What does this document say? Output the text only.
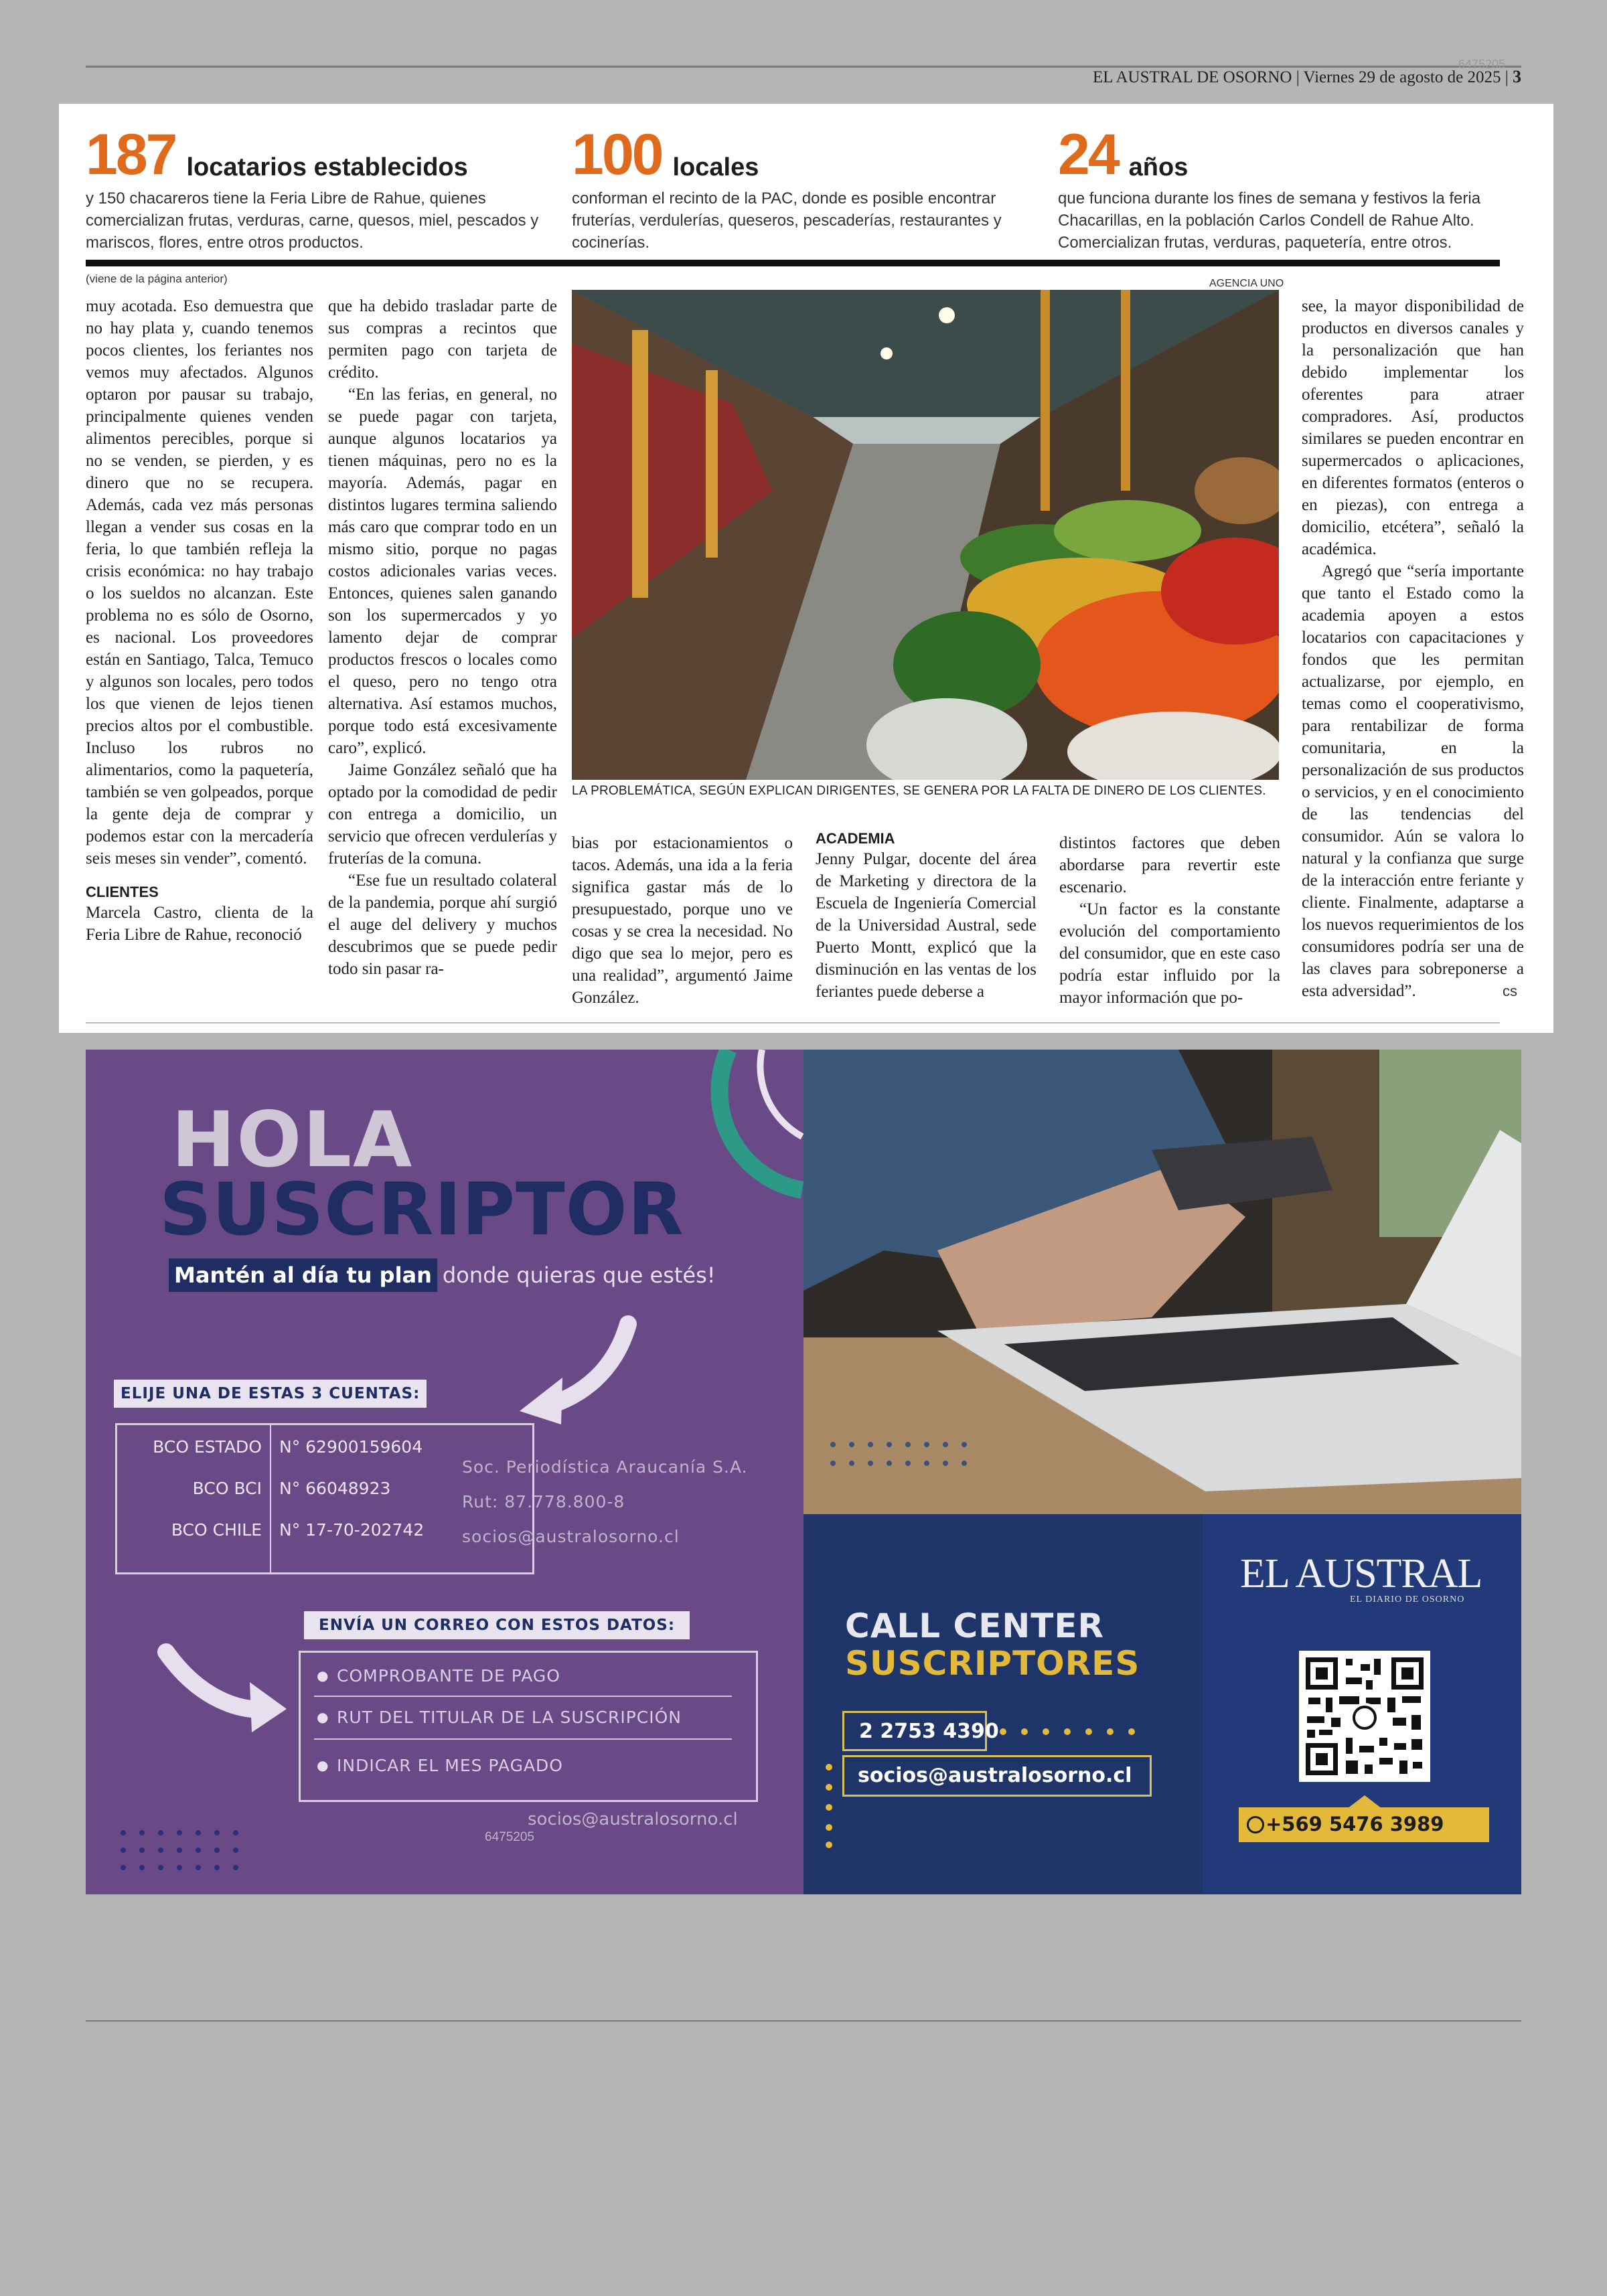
6475205
EL AUSTRAL DE OSORNO | Viernes 29 de agosto de 2025 | 3
187 locatarios establecidos
y 150 chacareros tiene la Feria Libre de Rahue, quienes comercializan frutas, verduras, carne, quesos, miel, pescados y mariscos, flores, entre otros productos.
100 locales
conforman el recinto de la PAC, donde es posible encontrar fruterías, verdulerías, queseros, pescaderías, restaurantes y cocinerías.
24 años
que funciona durante los fines de semana y festivos la feria Chacarillas, en la población Carlos Condell de Rahue Alto. Comercializan frutas, verduras, paquetería, entre otros.
(viene de la página anterior)	AGENCIA UNO

muy acotada. Eso demuestra que no hay plata y, cuando tenemos pocos clientes, los feriantes nos vemos muy afectados. Algunos optaron por pausar su trabajo, principalmente quienes venden alimentos perecibles, porque si no se venden, se pierden, y es dinero que no se recupera. Además, cada vez más personas llegan a vender sus cosas en la feria, lo que también refleja la crisis económica: no hay trabajo o los sueldos no alcanzan. Este problema no es sólo de Osorno, es nacional. Los proveedores están en Santiago, Talca, Temuco y algunos son locales, pero todos los que vienen de lejos tienen precios altos por el combustible. Incluso los rubros no alimentarios, como la paquetería, también se ven golpeados, porque la gente deja de comprar y podemos estar con la mercadería seis meses sin vender”, comentó.

CLIENTES

Marcela Castro, clienta de la Feria Libre de Rahue, reconoció

que ha debido trasladar parte de sus compras a recintos que permiten pago con tarjeta de crédito.

“En las ferias, en general, no se puede pagar con tarjeta, aunque algunos locatarios ya tienen máquinas, pero no es la mayoría. Además, pagar en distintos lugares termina saliendo más caro que comprar todo en un mismo sitio, porque no pagas costos adicionales varias veces. Entonces, quienes salen ganando son los supermercados y yo lamento dejar de comprar productos frescos o locales como el queso, pero no tengo otra alternativa. Así estamos muchos, porque todo está excesivamente caro”, explicó.

Jaime González señaló que ha optado por la comodidad de pedir con entrega a domicilio, un servicio que ofrecen verdulerías y fruterías de la comuna.

“Ese fue un resultado colateral de la pandemia, porque ahí surgió el auge del delivery y muchos descubrimos que se puede pedir todo sin pasar ra-

LA PROBLEMÁTICA, SEGÚN EXPLICAN DIRIGENTES, SE GENERA POR LA FALTA DE DINERO DE LOS CLIENTES.

bias por estacionamientos o tacos. Además, una ida a la feria significa gastar más de lo presupuestado, porque uno ve cosas y se crea la necesidad. No digo que sea lo mejor, pero es una realidad”, argumentó Jaime González.

ACADEMIA

Jenny Pulgar, docente del área de Marketing y directora de la Escuela de Ingeniería Comercial de la Universidad Austral, sede Puerto Montt, explicó que la disminución en las ventas de los feriantes puede deberse a

distintos factores que deben abordarse para revertir este escenario.

“Un factor es la constante evolución del comportamiento del consumidor, que en este caso podría estar influido por la mayor información que po-

see, la mayor disponibilidad de productos en diversos canales y la personalización que han debido implementar los oferentes para atraer compradores. Así, productos similares se pueden encontrar en supermercados o aplicaciones, en diferentes formatos (enteros o en piezas), con entrega a domicilio, etcétera”, señaló la académica.

Agregó que “sería importante que tanto el Estado como la academia apoyen a estos locatarios con capacitaciones y fondos que les permitan actualizarse, por ejemplo, en temas como el cooperativismo, para rentabilizar de forma comunitaria, en la personalización de sus productos o servicios, y en el conocimiento de las tendencias del consumidor. Aún se valora lo natural y la confianza que surge de la interacción entre feriante y cliente. Finalmente, adaptarse a los nuevos requerimientos de los consumidores podría ser una de las claves para sobreponerse a esta adversidad”.	cs
HOLA
SUSCRIPTOR
Mantén al día tu plan donde quieras que estés!
ELIJE UNA DE ESTAS 3 CUENTAS:
BCO ESTADO N° 62900159604
BCO BCI N° 66048923
BCO CHILE N° 17-70-202742
Soc. Periodística Araucanía S.A.
Rut: 87.778.800-8
socios@australosorno.cl
ENVÍA UN CORREO CON ESTOS DATOS:
● COMPROBANTE DE PAGO
● RUT DEL TITULAR DE LA SUSCRIPCIÓN
● INDICAR EL MES PAGADO
socios@australosorno.cl
6475205
CALL CENTER
SUSCRIPTORES
2 2753 4390
socios@australosorno.cl
EL AUSTRAL
EL DIARIO DE OSORNO
+569 5476 3989
